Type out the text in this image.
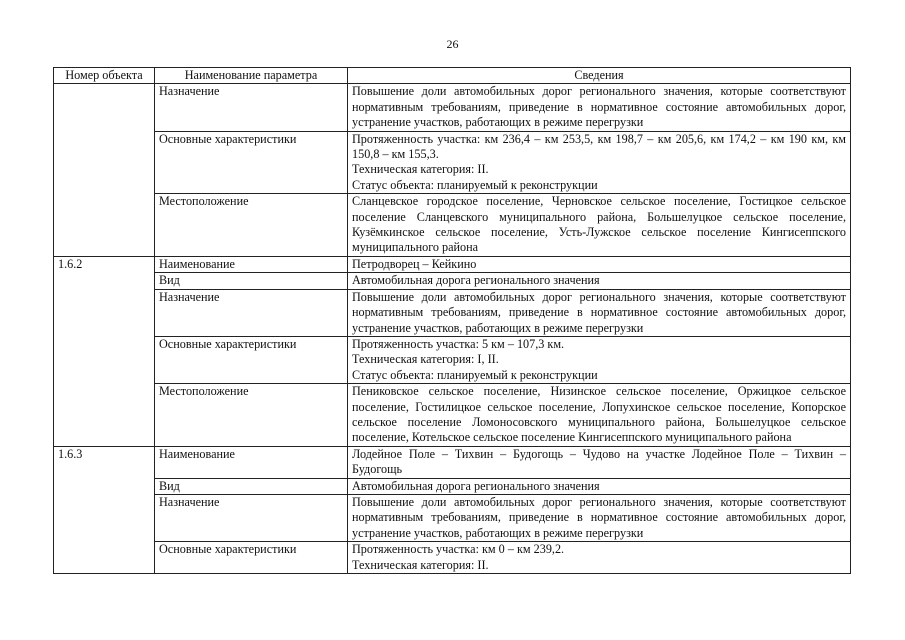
26
Номер объекта	Наименование параметра	Сведения
	Назначение	Повышение доли автомобильных дорог регионального значения, которые соответствуют нормативным требованиям, приведение в нормативное состояние автомобильных дорог, устранение участков, работающих в режиме перегрузки

	Основные характеристики	Протяженность участка: км 236,4 – км 253,5, км 198,7 – км 205,6, км 174,2 – км 190 км, км 150,8 – км 155,3.
Техническая категория: II.
Статус объекта: планируемый к реконструкции

	Местоположение	Сланцевское городское поселение, Черновское сельское поселение, Гостицкое сельское поселение Сланцевского муниципального района, Большелуцкое сельское поселение, Кузёмкинское сельское поселение, Усть-Лужское сельское поселение Кингисеппского муниципального района

1.6.2	Наименование	Петродворец – Кейкино

	Вид	Автомобильная дорога регионального значения

	Назначение	Повышение доли автомобильных дорог регионального значения, которые соответствуют нормативным требованиям, приведение в нормативное состояние автомобильных дорог, устранение участков, работающих в режиме перегрузки

	Основные характеристики	Протяженность участка: 5 км – 107,3 км.
Техническая категория: I, II.
Статус объекта: планируемый к реконструкции

	Местоположение	Пениковское сельское поселение, Низинское сельское поселение, Оржицкое сельское поселение, Гостилицкое сельское поселение, Лопухинское сельское поселение, Копорское сельское поселение Ломоносовского муниципального района, Большелуцкое сельское поселение, Котельское сельское поселение Кингисеппского муниципального района

1.6.3	Наименование	Лодейное Поле – Тихвин – Будогощь – Чудово на участке Лодейное Поле – Тихвин – Будогощь

	Вид	Автомобильная дорога регионального значения

	Назначение	Повышение доли автомобильных дорог регионального значения, которые соответствуют нормативным требованиям, приведение в нормативное состояние автомобильных дорог, устранение участков, работающих в режиме перегрузки

	Основные характеристики	Протяженность участка: км 0 – км 239,2.
Техническая категория: II.
